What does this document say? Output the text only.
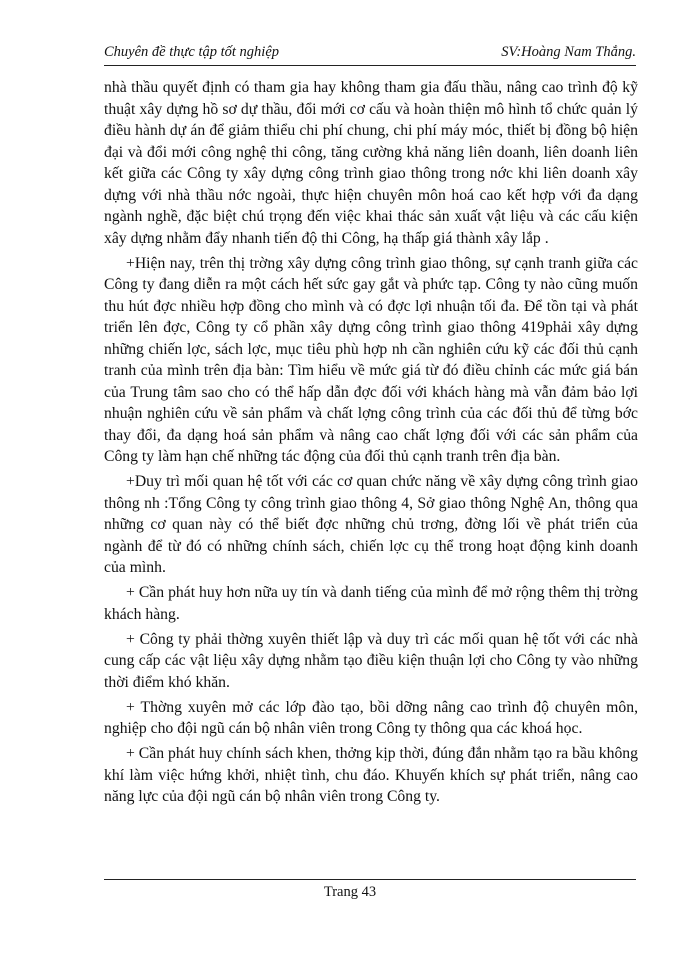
Chuyên đề thực tập tốt nghiệp	SV:Hoàng Nam Thắng.

nhà thầu quyết định có tham gia hay không tham gia đấu thầu, nâng cao trình độ kỹ thuật xây dựng hồ sơ dự thầu, đổi mới cơ cấu và hoàn thiện mô hình tổ chức quản lý điều hành dự án để giảm thiểu chi phí chung, chi phí máy móc, thiết bị đồng bộ hiện đại và đổi mới công nghệ thi công, tăng cường khả năng liên doanh, liên doanh liên kết giữa các Công ty xây dựng công trình giao thông trong nớc khi liên doanh xây dựng với nhà thầu nớc ngoài, thực hiện chuyên môn hoá cao kết hợp với đa dạng ngành nghề, đặc biệt chú trọng đến việc khai thác sản xuất vật liệu và các cấu kiện xây dựng nhằm đẩy nhanh tiến độ thi Công, hạ thấp giá thành xây lắp .

+Hiện nay, trên thị trờng xây dựng công trình giao thông, sự cạnh tranh giữa các Công ty đang diễn ra một cách hết sức gay gắt và phức tạp. Công ty nào cũng muốn thu hút đợc nhiều hợp đồng cho mình và có đợc lợi nhuận tối đa. Để tồn tại và phát triển lên đợc, Công ty cổ phần xây dựng công trình giao thông 419phải xây dựng những chiến lợc, sách lợc, mục tiêu phù hợp nh cần nghiên cứu kỹ các đối thủ cạnh tranh của mình trên địa bàn: Tìm hiểu về mức giá từ đó điều chỉnh các mức giá bán của Trung tâm sao cho có thể hấp dẫn đợc đối với khách hàng mà vẫn đảm bảo lợi nhuận nghiên cứu về sản phẩm và chất lợng công trình của các đối thủ để từng bớc thay đổi, đa dạng hoá sản phẩm và nâng cao chất lợng đối với các sản phẩm của Công ty làm hạn chế những tác động của đối thủ cạnh tranh trên địa bàn.

+Duy trì mối quan hệ tốt với các cơ quan chức năng về xây dựng công trình giao thông nh :Tổng Công ty công trình giao thông 4, Sở giao thông Nghệ An, thông qua những cơ quan này có thể biết đợc những chủ trơng, đờng lối về phát triển của ngành để từ đó có những chính sách, chiến lợc cụ thể trong hoạt động kinh doanh của mình.

+ Cần phát huy hơn nữa uy tín và danh tiếng của mình để mở rộng thêm thị trờng khách hàng.

+ Công ty phải thờng xuyên thiết lập và duy trì các mối quan hệ tốt với các nhà cung cấp các vật liệu xây dựng nhằm tạo điều kiện thuận lợi cho Công ty vào những thời điểm khó khăn.

+ Thờng xuyên mở các lớp đào tạo, bồi dỡng nâng cao trình độ chuyên môn, nghiệp cho đội ngũ cán bộ nhân viên trong Công ty thông qua các khoá học.

+ Cần phát huy chính sách khen, thởng kịp thời, đúng đắn nhằm tạo ra bầu không khí làm việc hứng khởi, nhiệt tình, chu đáo. Khuyến khích sự phát triển, nâng cao năng lực của đội ngũ cán bộ nhân viên trong Công ty.

Trang 43
